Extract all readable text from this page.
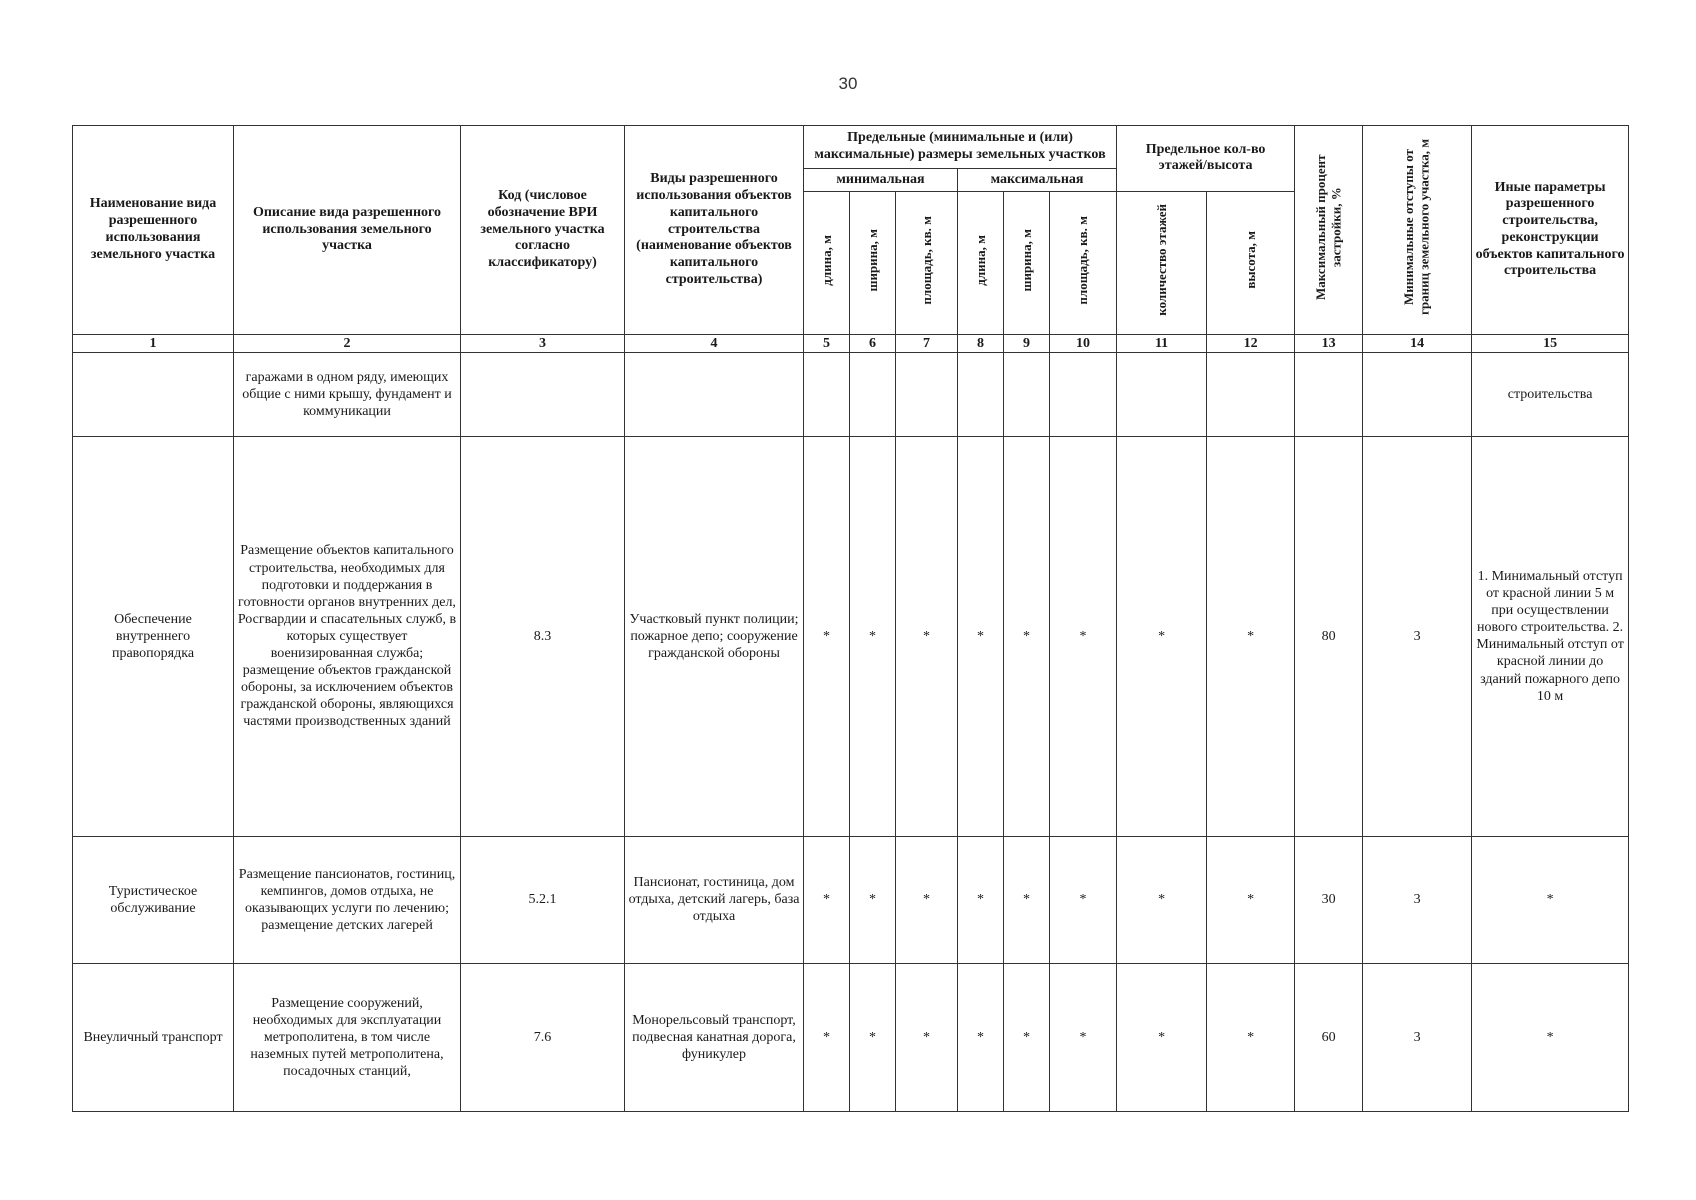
30
Наименование вида разрешенного использования земельного участка	Описание вида разрешенного использования земельного участка	Код (числовое обозначение ВРИ земельного участка согласно классификатору)	Виды разрешенного использования объектов капитального строительства (наименование объектов капитального строительства)	Предельные (минимальные и (или) максимальные) размеры земельных участков						Предельное кол-во этажей/высота		Максимальный процент застройки, %	Минимальные отступы от границ земельного участка, м	Иные параметры разрешенного строительства, реконструкции объектов капитального строительства
				минимальная			максимальная							
				длина, м	ширина, м	площадь, кв. м	длина, м	ширина, м	площадь, кв. м	количество этажей	высота, м			
1	2	3	4	5	6	7	8	9	10	11	12	13	14	15
	гаражами в одном ряду, имеющих общие с ними крышу, фундамент и коммуникации													строительства
Обеспечение внутреннего правопорядка	Размещение объектов капитального строительства, необходимых для подготовки и поддержания в готовности органов внутренних дел, Росгвардии и спасательных служб, в которых существует военизированная служба; размещение объектов гражданской обороны, за исключением объектов гражданской обороны, являющихся частями производственных зданий	8.3	Участковый пункт полиции; пожарное депо; сооружение гражданской обороны	*	*	*	*	*	*	*	*	80	3	1. Минимальный отступ от красной линии 5 м при осуществлении нового строительства. 2. Минимальный отступ от красной линии до зданий пожарного депо 10 м
Туристическое обслуживание	Размещение пансионатов, гостиниц, кемпингов, домов отдыха, не оказывающих услуги по лечению; размещение детских лагерей	5.2.1	Пансионат, гостиница, дом отдыха, детский лагерь, база отдыха	*	*	*	*	*	*	*	*	30	3	*
Внеуличный транспорт	Размещение сооружений, необходимых для эксплуатации метрополитена, в том числе наземных путей метрополитена, посадочных станций,	7.6	Монорельсовый транспорт, подвесная канатная дорога, фуникулер	*	*	*	*	*	*	*	*	60	3	*
